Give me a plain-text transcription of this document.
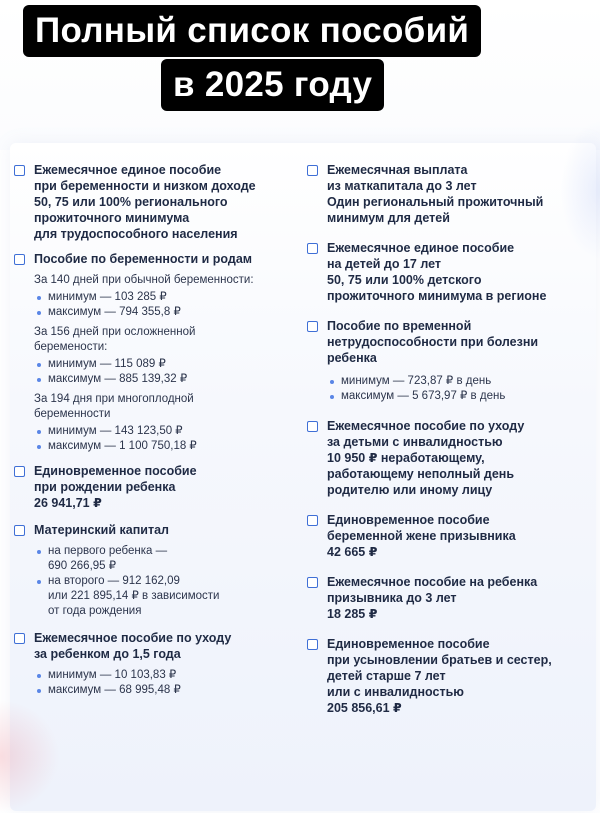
Полный список пособий
в 2025 году
Ежемесячное единое пособие
при беременности и низком доходе
50, 75 или 100% регионального
прожиточного минимума
для трудоспособного населения
Пособие по беременности и родам
За 140 дней при обычной беременности:
минимум — 103 285 ₽
максимум — 794 355,8 ₽
За 156 дней при осложненной
беремености:
минимум — 115 089 ₽
максимум — 885 139,32 ₽
За 194 дня при многоплодной
беременности
минимум — 143 123,50 ₽
максимум — 1 100 750,18 ₽
Единовременное пособие
при рождении ребенка
26 941,71 ₽
Материнский капитал
на первого ребенка —
690 266,95 ₽
на второго — 912 162,09
или 221 895,14 ₽ в зависимости
от года рождения
Ежемесячное пособие по уходу
за ребенком до 1,5 года
минимум — 10 103,83 ₽
максимум — 68 995,48 ₽
Ежемесячная выплата
из маткапитала до 3 лет
Один региональный прожиточный
минимум для детей
Ежемесячное единое пособие
на детей до 17 лет
50, 75 или 100% детского
прожиточного минимума в регионе
Пособие по временной
нетрудоспособности при болезни
ребенка
минимум — 723,87 ₽ в день
максимум — 5 673,97 ₽ в день
Ежемесячное пособие по уходу
за детьми с инвалидностью
10 950 ₽ неработающему,
работающему неполный день
родителю или иному лицу
Единовременное пособие
беременной жене призывника
42 665 ₽
Ежемесячное пособие на ребенка
призывника до 3 лет
18 285 ₽
Единовременное пособие
при усыновлении братьев и сестер,
детей старше 7 лет
или с инвалидностью
205 856,61 ₽
